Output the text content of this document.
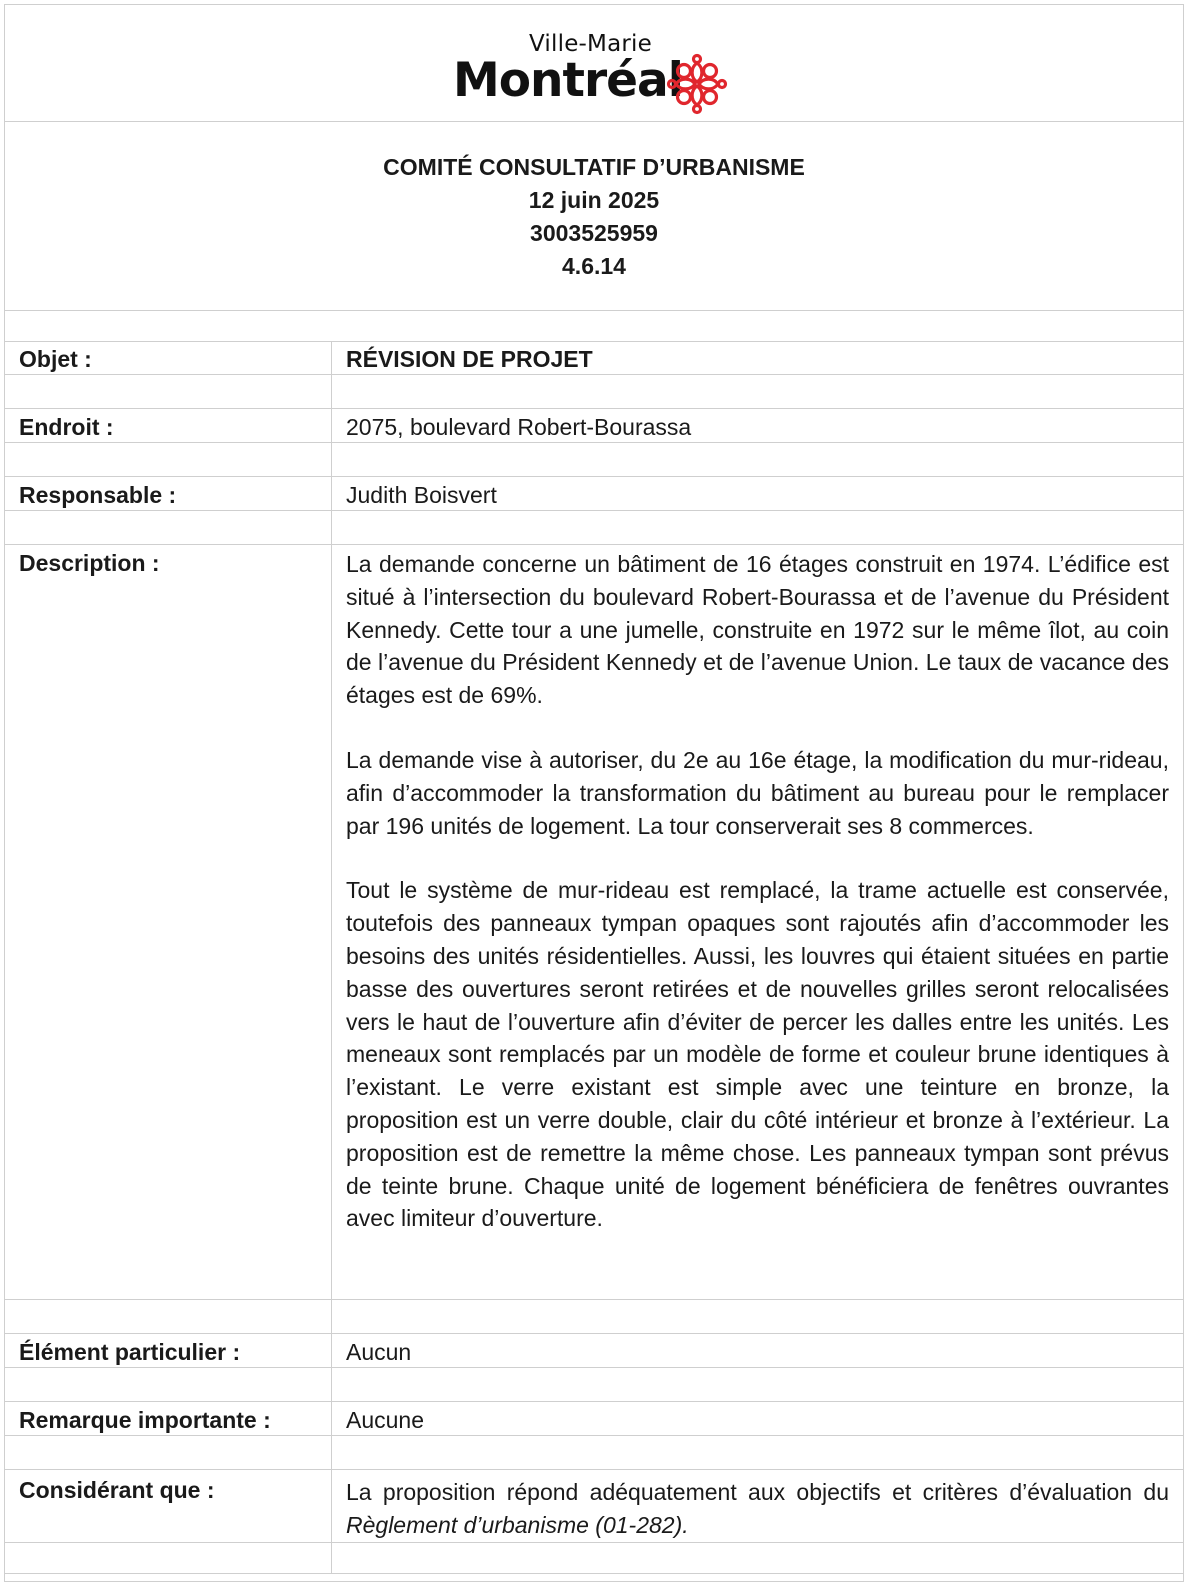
Ville-Marie
Montréal
COMITÉ CONSULTATIF D’URBANISME
12 juin 2025
3003525959
4.6.14
Objet :	RÉVISION DE PROJET

Endroit :	2075, boulevard Robert-Bourassa

Responsable :	Judith Boisvert

Description :	La demande concerne un bâtiment de 16 étages construit en 1974. L’édifice est situé à l’intersection du boulevard Robert-Bourassa et de l’avenue du Président Kennedy. Cette tour a une jumelle, construite en 1972 sur le même îlot, au coin de l’avenue du Président Kennedy et de l’avenue Union. Le taux de vacance des étages est de 69%.

La demande vise à autoriser, du 2e au 16e étage, la modification du mur-rideau, afin d’accommoder la transformation du bâtiment au bureau pour le remplacer par 196 unités de logement. La tour conserverait ses 8 commerces.

Tout le système de mur-rideau est remplacé, la trame actuelle est conservée, toutefois des panneaux tympan opaques sont rajoutés afin d’accommoder les besoins des unités résidentielles. Aussi, les louvres qui étaient situées en partie basse des ouvertures seront retirées et de nouvelles grilles seront relocalisées vers le haut de l’ouverture afin d’éviter de percer les dalles entre les unités. Les meneaux sont remplacés par un modèle de forme et couleur brune identiques à l’existant. Le verre existant est simple avec une teinture en bronze, la proposition est un verre double, clair du côté intérieur et bronze à l’extérieur. La proposition est de remettre la même chose. Les panneaux tympan sont prévus de teinte brune. Chaque unité de logement bénéficiera de fenêtres ouvrantes avec limiteur d’ouverture.

Élément particulier :	Aucun

Remarque importante :	Aucune

Considérant que :	La proposition répond adéquatement aux objectifs et critères d’évaluation du Règlement d’urbanisme (01-282).
